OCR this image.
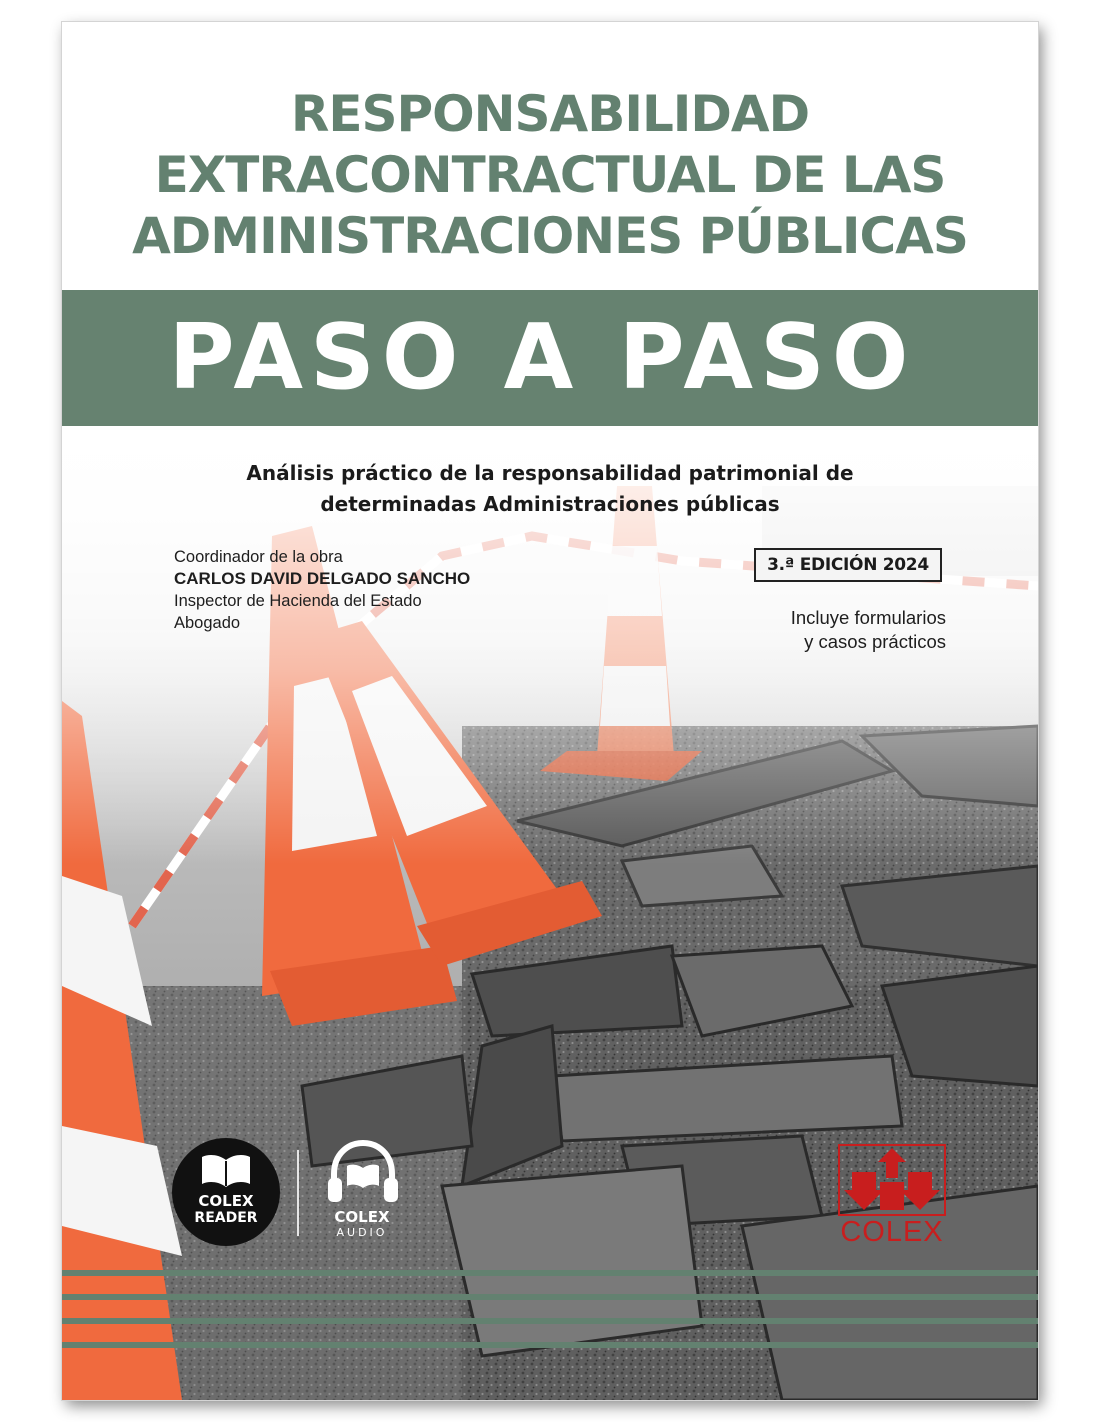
RESPONSABILIDAD
EXTRACONTRACTUAL DE LAS
ADMINISTRACIONES PÚBLICAS
PASO A PASO
Análisis práctico de la responsabilidad patrimonial de
determinadas Administraciones públicas
Coordinador de la obra
CARLOS DAVID DELGADO SANCHO
Inspector de Hacienda del Estado
Abogado
3.ª EDICIÓN 2024
Incluye formularios
y casos prácticos
COLEX
READER	COLEX
AUDIO	COLEX
